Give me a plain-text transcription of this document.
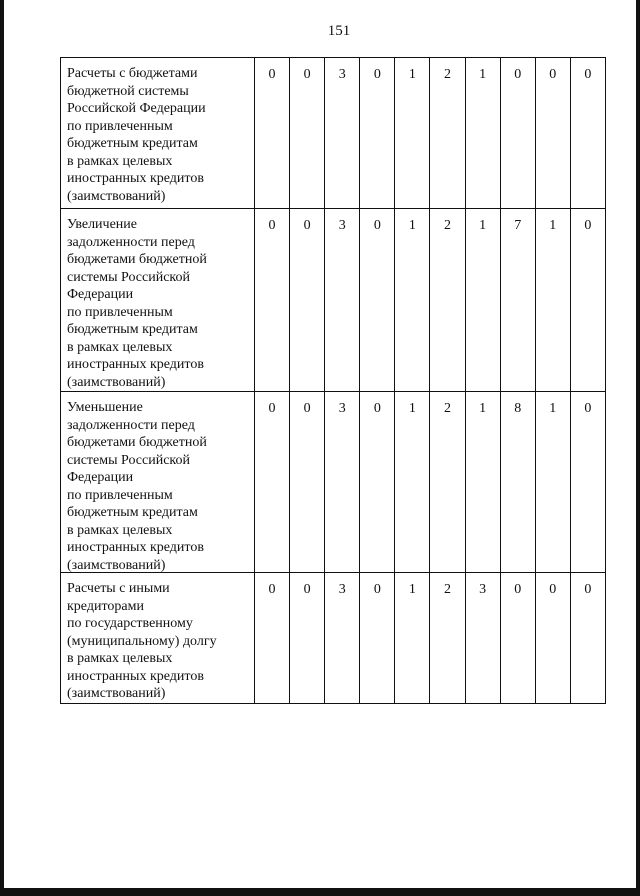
151
Расчеты с бюджетами
бюджетной системы
Российской Федерации
по привлеченным
бюджетным кредитам
в рамках целевых
иностранных кредитов
(заимствований)
0	0	3	0	1	2	1	0	0	0
Увеличение
задолженности перед
бюджетами бюджетной
системы Российской
Федерации
по привлеченным
бюджетным кредитам
в рамках целевых
иностранных кредитов
(заимствований)
0	0	3	0	1	2	1	7	1	0
Уменьшение
задолженности перед
бюджетами бюджетной
системы Российской
Федерации
по привлеченным
бюджетным кредитам
в рамках целевых
иностранных кредитов
(заимствований)
0	0	3	0	1	2	1	8	1	0
Расчеты с иными
кредиторами
по государственному
(муниципальному) долгу
в рамках целевых
иностранных кредитов
(заимствований)
0	0	3	0	1	2	3	0	0	0
